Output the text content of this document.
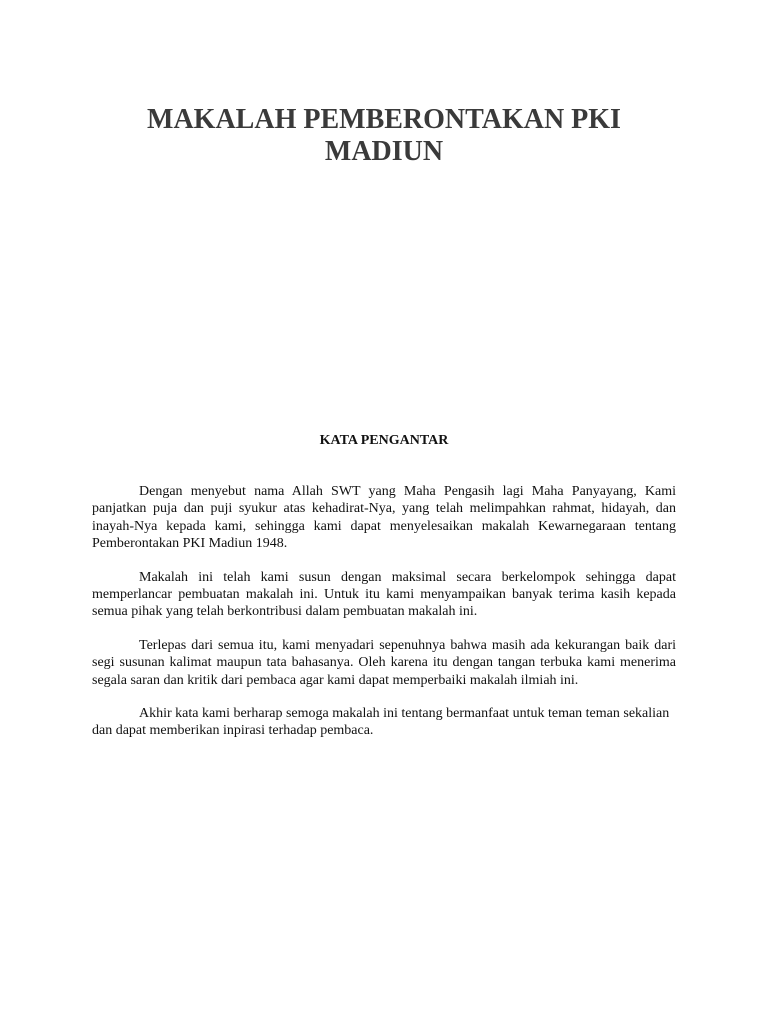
MAKALAH PEMBERONTAKAN PKI
MADIUN
KATA PENGANTAR

Dengan menyebut nama Allah SWT yang Maha Pengasih lagi Maha Panyayang, Kami panjatkan puja dan puji syukur atas kehadirat-Nya, yang telah melimpahkan rahmat, hidayah, dan inayah-Nya kepada kami, sehingga kami dapat menyelesaikan makalah Kewarnegaraan tentang Pemberontakan PKI Madiun 1948.

Makalah ini telah kami susun dengan maksimal secara berkelompok sehingga dapat memperlancar pembuatan makalah ini. Untuk itu kami menyampaikan banyak terima kasih kepada semua pihak yang telah berkontribusi dalam pembuatan makalah ini.

Terlepas dari semua itu, kami menyadari sepenuhnya bahwa masih ada kekurangan baik dari segi susunan kalimat maupun tata bahasanya. Oleh karena itu dengan tangan terbuka kami menerima segala saran dan kritik dari pembaca agar kami dapat memperbaiki makalah ilmiah ini.

Akhir kata kami berharap semoga makalah ini tentang bermanfaat untuk teman teman sekalian dan dapat memberikan inpirasi terhadap pembaca.
